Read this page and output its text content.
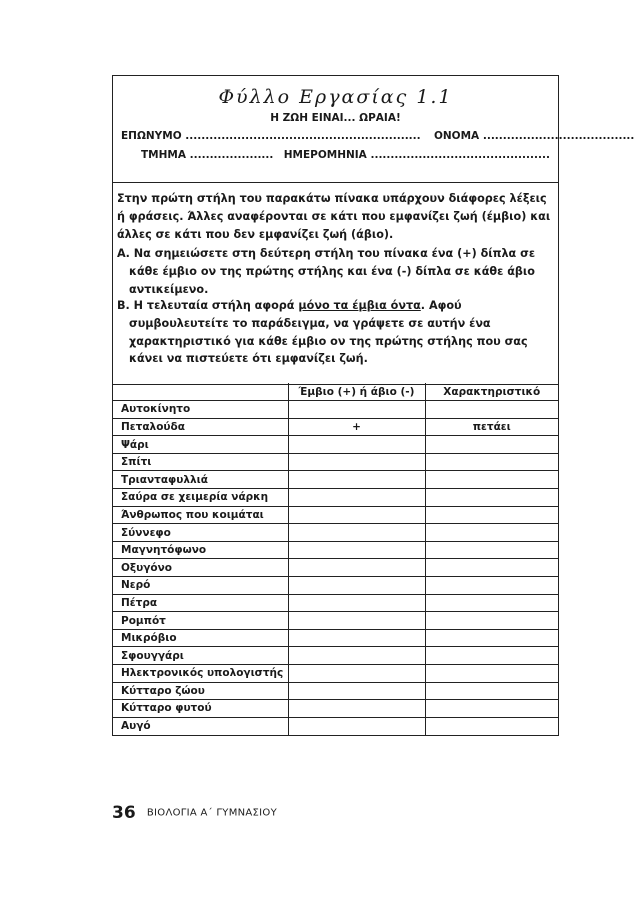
Φύλλο Εργασίας 1.1
Η ΖΩΗ ΕΙΝΑΙ... ΩΡΑΙΑ!
ΕΠΩΝΥΜΟ ........................................................... ΟΝΟΜΑ ......................................
ΤΜΗΜΑ ..................... ΗΜΕΡΟΜΗΝΙΑ .............................................

Στην πρώτη στήλη του παρακάτω πίνακα υπάρχουν διάφορες λέξεις ή φράσεις. Άλλες αναφέρονται σε κάτι που εμφανίζει ζωή (έμβιο) και άλλες σε κάτι που δεν εμφανίζει ζωή (άβιο).

Α. Να σημειώσετε στη δεύτερη στήλη του πίνακα ένα (+) δίπλα σε κάθε έμβιο ον της πρώτης στήλης και ένα (-) δίπλα σε κάθε άβιο αντικείμενο.

Β. Η τελευταία στήλη αφορά μόνο τα έμβια όντα. Αφού συμβουλευτείτε το παράδειγμα, να γράψετε σε αυτήν ένα χαρακτηριστικό για κάθε έμβιο ον της πρώτης στήλης που σας κάνει να πιστεύετε ότι εμφανίζει ζωή.

	Έμβιο (+) ή άβιο (-)	Χαρακτηριστικό
Αυτοκίνητο		
Πεταλούδα	+	πετάει
Ψάρι		
Σπίτι		
Τριανταφυλλιά		
Σαύρα σε χειμερία νάρκη		
Άνθρωπος που κοιμάται		
Σύννεφο		
Μαγνητόφωνο		
Οξυγόνο		
Νερό		
Πέτρα		
Ρομπότ		
Μικρόβιο		
Σφουγγάρι		
Ηλεκτρονικός υπολογιστής		
Κύτταρο ζώου		
Κύτταρο φυτού		
Αυγό		
36 ΒΙΟΛΟΓΙΑ Α΄ ΓΥΜΝΑΣΙΟΥ
